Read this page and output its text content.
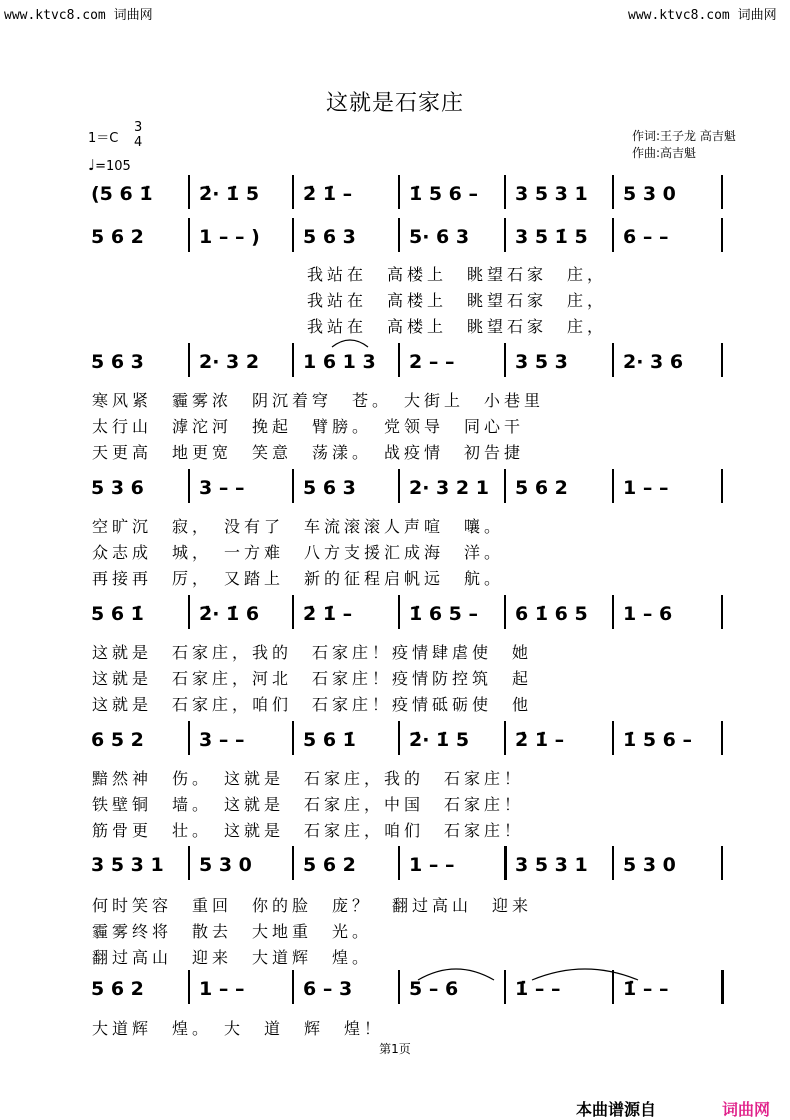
www.ktvc8.com 词曲网	www.ktvc8.com 词曲网
这就是石家庄
1＝C
3
4
♩=105
作词:王子龙 高吉魁
作曲:高吉魁
(5 6 1̇	2̇· 1̇ 5	2̇ 1̇ –	1̇ 5 6 –	3 5 3 1	5 3 0
5 6 2	1 – – )	5 6 3	5· 6 3	3 5 1̇ 5	6 – –
5 6 3	2· 3 2	1 6 1 3	2 – –	3 5 3	2· 3 6
5 3 6	3 – –	5 6 3	2· 3 2 1	5 6 2	1 – –
5 6 1̇	2̇· 1̇ 6	2̇ 1̇ –	1̇ 6 5 –	6 1̇ 6 5	1 – 6
6 5 2	3 – –	5 6 1̇	2̇· 1̇ 5	2̇ 1̇ –	1̇ 5 6 –
3 5 3 1	5 3 0	5 6 2	1 – –	3 5 3 1	5 3 0
5 6 2	1 – –	6 – 3	5 – 6	1̇ – –	1̇ – –
我站在　高楼上　眺望石家　庄，
我站在　高楼上　眺望石家　庄，
我站在　高楼上　眺望石家　庄，
寒风紧　霾雾浓　阴沉着穹　苍。　大街上　小巷里
太行山　滹沱河　挽起　臂膀。　党领导　同心干
天更高　地更宽　笑意　荡漾。　战疫情　初告捷
空旷沉　寂，　没有了　车流滚滚人声喧　嚷。
众志成　城，　一方难　八方支援汇成海　洋。
再接再　厉，　又踏上　新的征程启帆远　航。
这就是　石家庄，我的　石家庄！疫情肆虐使　她
这就是　石家庄，河北　石家庄！疫情防控筑　起
这就是　石家庄，咱们　石家庄！疫情砥砺使　他
黯然神　伤。　这就是　石家庄，我的　石家庄！
铁壁铜　墙。　这就是　石家庄，中国　石家庄！
筋骨更　壮。　这就是　石家庄，咱们　石家庄！
何时笑容　重回　你的脸　庞？　翻过高山　迎来
霾雾终将　散去　大地重　光。
翻过高山　迎来　大道辉　煌。
大道辉　煌。　大　道　辉　煌！
第1页
本曲谱源自	词曲网
